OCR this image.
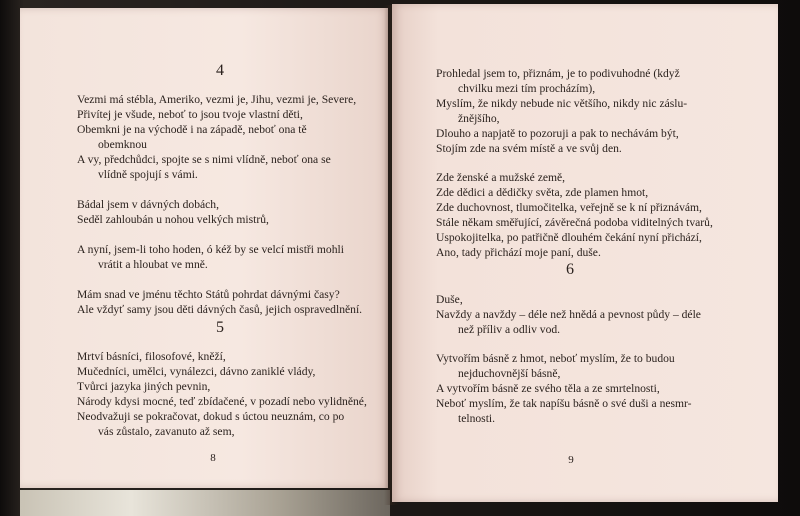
4
Vezmi má stébla, Ameriko, vezmi je, Jihu, vezmi je, Severe,
Přivítej je všude, neboť to jsou tvoje vlastní děti,
Obemkni je na východě i na západě, neboť ona tě
obemknou
A vy, předchůdci, spojte se s nimi vlídně, neboť ona se
vlídně spojují s vámi.
Bádal jsem v dávných dobách,
Seděl zahloubán u nohou velkých mistrů,
A nyní, jsem-li toho hoden, ó kéž by se velcí mistři mohli
vrátit a hloubat ve mně.
Mám snad ve jménu těchto Států pohrdat dávnými časy?
Ale vždyť samy jsou děti dávných časů, jejich ospravedlnění.
5
Mrtví básníci, filosofové, kněží,
Mučedníci, umělci, vynálezci, dávno zaniklé vlády,
Tvůrci jazyka jiných pevnin,
Národy kdysi mocné, teď zbídačené, v pozadí nebo vylidněné,
Neodvažuji se pokračovat, dokud s úctou neuznám, co po
vás zůstalo, zavanuto až sem,
8
Prohledal jsem to, přiznám, je to podivuhodné (když
chvilku mezi tím procházím),
Myslím, že nikdy nebude nic většího, nikdy nic záslu-
žnějšího,
Dlouho a napjatě to pozoruji a pak to nechávám být,
Stojím zde na svém místě a ve svůj den.
Zde ženské a mužské země,
Zde dědici a dědičky světa, zde plamen hmot,
Zde duchovnost, tlumočitelka, veřejně se k ní přiznávám,
Stále někam směřující, závěrečná podoba viditelných tvarů,
Uspokojitelka, po patřičně dlouhém čekání nyní přichází,
Ano, tady přichází moje paní, duše.
6
Duše,
Navždy a navždy – déle než hnědá a pevnost půdy – déle
než příliv a odliv vod.
Vytvořím básně z hmot, neboť myslím, že to budou
nejduchovnější básně,
A vytvořím básně ze svého těla a ze smrtelnosti,
Neboť myslím, že tak napíšu básně o své duši a nesmr-
telnosti.
9
